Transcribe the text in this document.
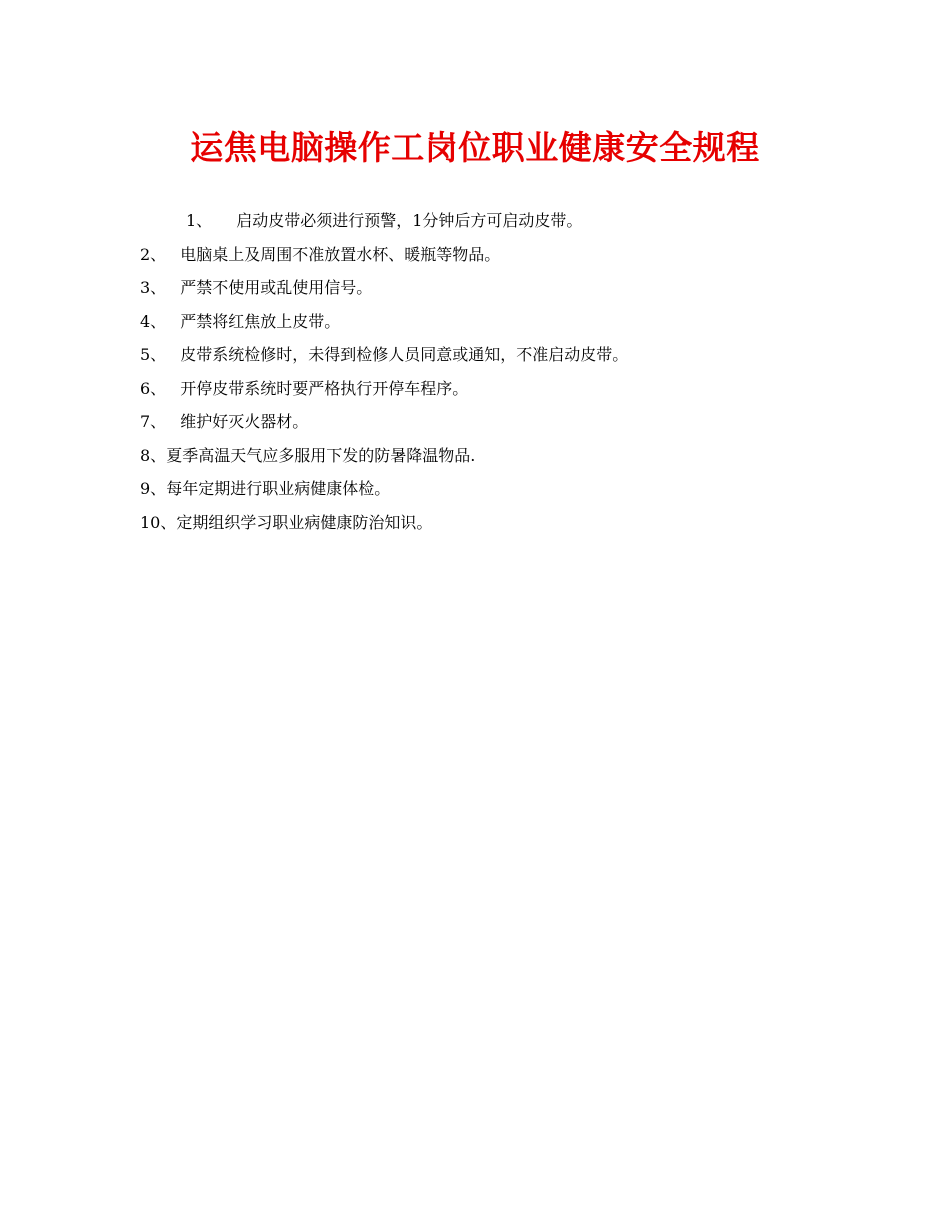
运焦电脑操作工岗位职业健康安全规程
1、 启动皮带必须进行预警，1分钟后方可启动皮带。
2、 电脑桌上及周围不准放置水杯、暖瓶等物品。
3、 严禁不使用或乱使用信号。
4、 严禁将红焦放上皮带。
5、 皮带系统检修时，未得到检修人员同意或通知，不准启动皮带。
6、 开停皮带系统时要严格执行开停车程序。
7、 维护好灭火器材。
8、夏季高温天气应多服用下发的防暑降温物品.
9、每年定期进行职业病健康体检。
10、定期组织学习职业病健康防治知识。
